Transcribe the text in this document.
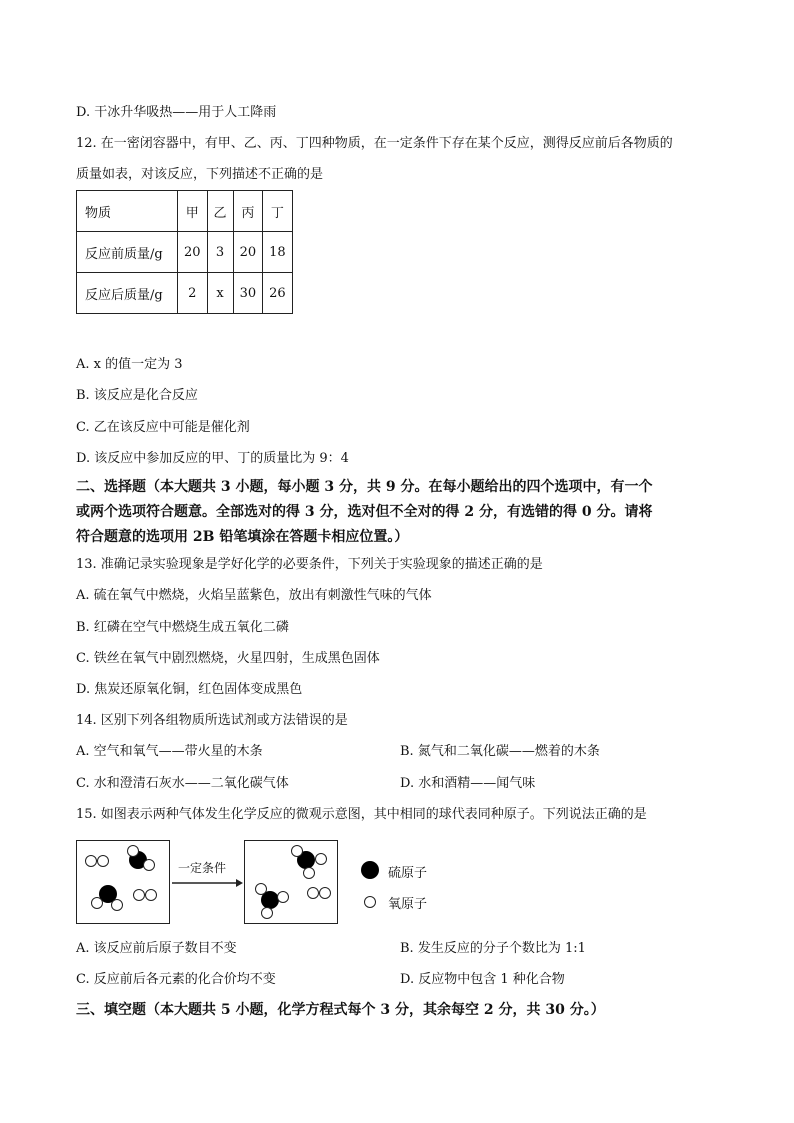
D. 干冰升华吸热——用于人工降雨
12. 在一密闭容器中，有甲、乙、丙、丁四种物质，在一定条件下存在某个反应，测得反应前后各物质的
质量如表，对该反应，下列描述不正确的是
物质	甲	乙	丙	丁
反应前质量/g	20	3	20	18
反应后质量/g	2	x	30	26
A. x 的值一定为 3
B. 该反应是化合反应
C. 乙在该反应中可能是催化剂
D. 该反应中参加反应的甲、丁的质量比为 9：4
二、选择题（本大题共 3 小题，每小题 3 分，共 9 分。在每小题给出的四个选项中，有一个
或两个选项符合题意。全部选对的得 3 分，选对但不全对的得 2 分，有选错的得 0 分。请将
符合题意的选项用 2B 铅笔填涂在答题卡相应位置。）
13. 准确记录实验现象是学好化学的必要条件，下列关于实验现象的描述正确的是
A. 硫在氧气中燃烧，火焰呈蓝紫色，放出有刺激性气味的气体
B. 红磷在空气中燃烧生成五氧化二磷
C. 铁丝在氧气中剧烈燃烧，火星四射，生成黑色固体
D. 焦炭还原氧化铜，红色固体变成黑色
14. 区别下列各组物质所选试剂或方法错误的是
A. 空气和氧气——带火星的木条	B. 氮气和二氧化碳——燃着的木条
C. 水和澄清石灰水——二氧化碳气体	D. 水和酒精——闻气味
15. 如图表示两种气体发生化学反应的微观示意图，其中相同的球代表同种原子。下列说法正确的是
一定条件	硫原子
氧原子
A. 该反应前后原子数目不变	B. 发生反应的分子个数比为 1:1
C. 反应前后各元素的化合价均不变	D. 反应物中包含 1 种化合物
三、填空题（本大题共 5 小题，化学方程式每个 3 分，其余每空 2 分，共 30 分。）
